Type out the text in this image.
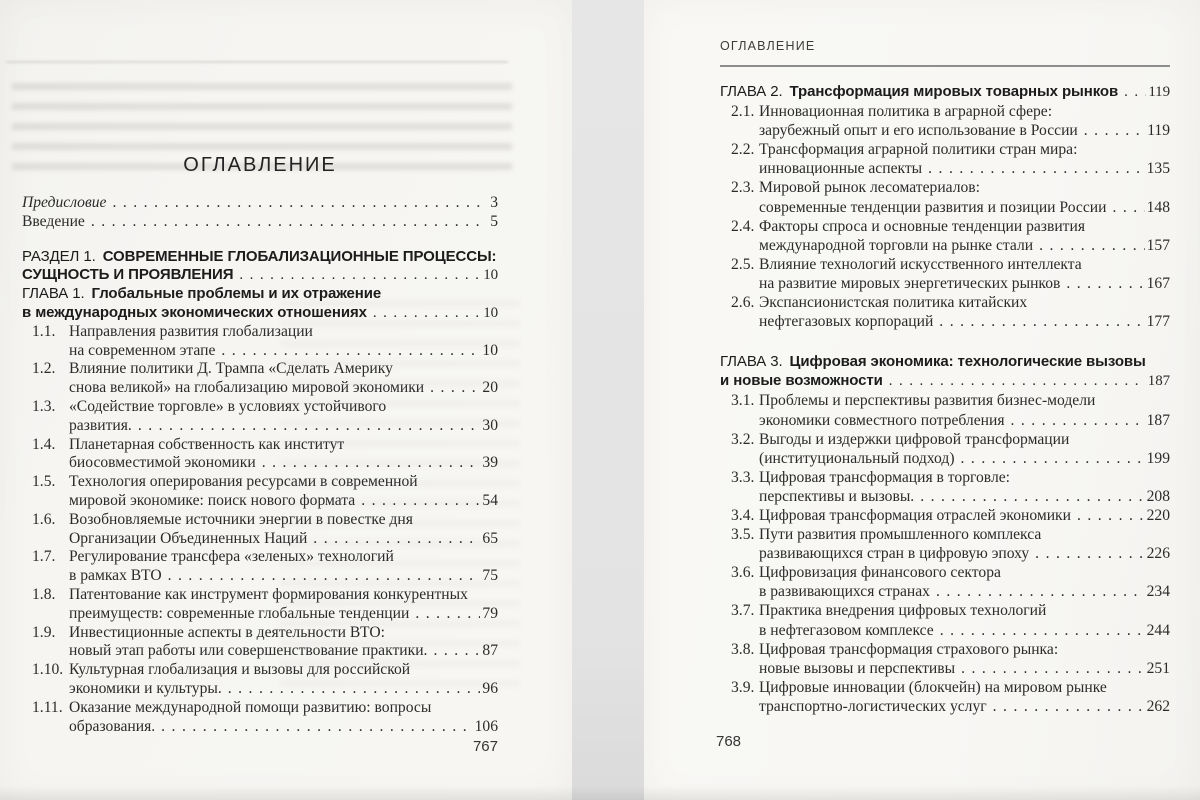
ОГЛАВЛЕНИЕ
Предисловие .....	3
Введение .....	5
РАЗДЕЛ 1. СОВРЕМЕННЫЕ ГЛОБАЛИЗАЦИОННЫЕ ПРОЦЕССЫ:
СУЩНОСТЬ И ПРОЯВЛЕНИЯ .....	10
ГЛАВА 1. Глобальные проблемы и их отражение
в международных экономических отношениях .....	10
1.1. Направления развития глобализации
на современном этапе .....	10
1.2. Влияние политики Д. Трампа «Сделать Америку
снова великой» на глобализацию мировой экономики .....	20
1.3. «Содействие торговле» в условиях устойчивого
развития. .....	30
1.4. Планетарная собственность как институт
биосовместимой экономики .....	39
1.5. Технология оперирования ресурсами в современной
мировой экономике: поиск нового формата .....	54
1.6. Возобновляемые источники энергии в повестке дня
Организации Объединенных Наций .....	65
1.7. Регулирование трансфера «зеленых» технологий
в рамках ВТО .....	75
1.8. Патентование как инструмент формирования конкурентных
преимуществ: современные глобальные тенденции .....	79
1.9. Инвестиционные аспекты в деятельности ВТО:
новый этап работы или совершенствование практики. .....	87
1.10. Культурная глобализация и вызовы для российской
экономики и культуры. .....	96
1.11. Оказание международной помощи развитию: вопросы
образования. .....	106
767
ОГЛАВЛЕНИЕ
ГЛАВА 2. Трансформация мировых товарных рынков ..... 119
2.1. Инновационная политика в аграрной сфере:
зарубежный опыт и его использование в России .....	119
2.2. Трансформация аграрной политики стран мира:
инновационные аспекты .....	135
2.3. Мировой рынок лесоматериалов:
современные тенденции развития и позиции России .....	148
2.4. Факторы спроса и основные тенденции развития
международной торговли на рынке стали .....	157
2.5. Влияние технологий искусственного интеллекта
на развитие мировых энергетических рынков .....	167
2.6. Экспансионистская политика китайских
нефтегазовых корпораций .....	177
ГЛАВА 3. Цифровая экономика: технологические вызовы
и новые возможности .....	187
3.1. Проблемы и перспективы развития бизнес-модели
экономики совместного потребления .....	187
3.2. Выгоды и издержки цифровой трансформации
(институциональный подход) .....	199
3.3. Цифровая трансформация в торговле:
перспективы и вызовы. .....	208
3.4. Цифровая трансформация отраслей экономики .....	220
3.5. Пути развития промышленного комплекса
развивающихся стран в цифровую эпоху .....	226
3.6. Цифровизация финансового сектора
в развивающихся странах .....	234
3.7. Практика внедрения цифровых технологий
в нефтегазовом комплексе .....	244
3.8. Цифровая трансформация страхового рынка:
новые вызовы и перспективы .....	251
3.9. Цифровые инновации (блокчейн) на мировом рынке
транспортно-логистических услуг .....	262
768
